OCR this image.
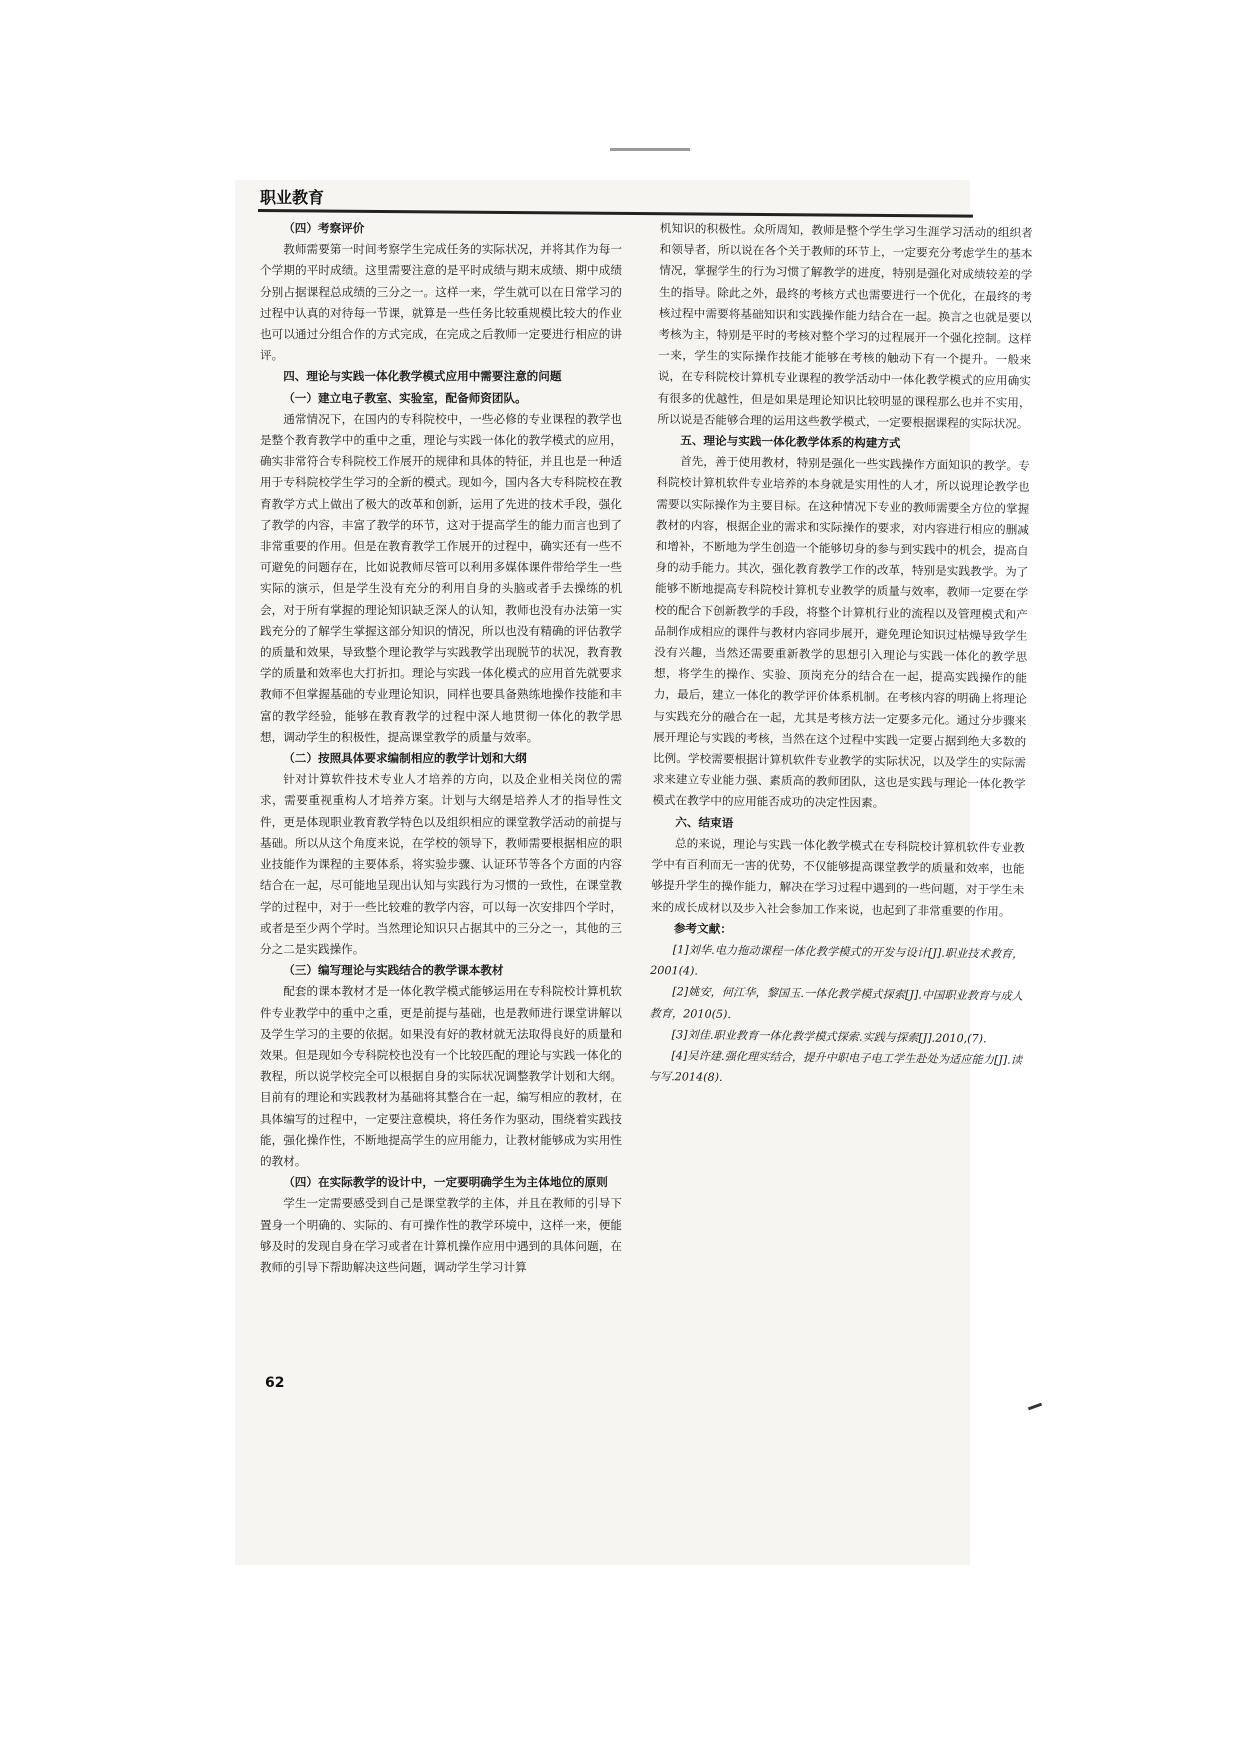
职业教育
（四）考察评价

教师需要第一时间考察学生完成任务的实际状况，并将其作为每一个学期的平时成绩。这里需要注意的是平时成绩与期末成绩、期中成绩分别占据课程总成绩的三分之一。这样一来，学生就可以在日常学习的过程中认真的对待每一节课，就算是一些任务比较重规模比较大的作业也可以通过分组合作的方式完成，在完成之后教师一定要进行相应的讲评。

四、理论与实践一体化教学模式应用中需要注意的问题
（一）建立电子教室、实验室，配备师资团队。

通常情况下，在国内的专科院校中，一些必修的专业课程的教学也是整个教育教学中的重中之重，理论与实践一体化的教学模式的应用，确实非常符合专科院校工作展开的规律和具体的特征，并且也是一种适用于专科院校学生学习的全新的模式。现如今，国内各大专科院校在教育教学方式上做出了极大的改革和创新，运用了先进的技术手段，强化了教学的内容，丰富了教学的环节，这对于提高学生的能力而言也到了非常重要的作用。但是在教育教学工作展开的过程中，确实还有一些不可避免的问题存在，比如说教师尽管可以利用多媒体课件带给学生一些实际的演示，但是学生没有充分的利用自身的头脑或者手去操练的机会，对于所有掌握的理论知识缺乏深人的认知，教师也没有办法第一实践充分的了解学生掌握这部分知识的情况，所以也没有精确的评估教学的质量和效果，导致整个理论教学与实践教学出现脱节的状况，教育教学的质量和效率也大打折扣。理论与实践一体化模式的应用首先就要求教师不但掌握基础的专业理论知识，同样也要具备熟练地操作技能和丰富的教学经验，能够在教育教学的过程中深人地贯彻一体化的教学思想，调动学生的积极性，提高课堂教学的质量与效率。

（二）按照具体要求编制相应的教学计划和大纲

针对计算软件技术专业人才培养的方向，以及企业相关岗位的需求，需要重视重构人才培养方案。计划与大纲是培养人才的指导性文件，更是体现职业教育教学特色以及组织相应的课堂教学活动的前提与基础。所以从这个角度来说，在学校的领导下，教师需要根据相应的职业技能作为课程的主要体系，将实验步骤、认证环节等各个方面的内容结合在一起，尽可能地呈现出认知与实践行为习惯的一致性，在课堂教学的过程中，对于一些比较难的教学内容，可以每一次安排四个学时，或者是至少两个学时。当然理论知识只占据其中的三分之一，其他的三分之二是实践操作。

（三）编写理论与实践结合的教学课本教材

配套的课本教材才是一体化教学模式能够运用在专科院校计算机软件专业教学中的重中之重，更是前提与基础，也是教师进行课堂讲解以及学生学习的主要的依据。如果没有好的教材就无法取得良好的质量和效果。但是现如今专科院校也没有一个比较匹配的理论与实践一体化的教程，所以说学校完全可以根据自身的实际状况调整教学计划和大纲。目前有的理论和实践教材为基础将其整合在一起，编写相应的教材，在具体编写的过程中，一定要注意模块，将任务作为驱动，围绕着实践技能，强化操作性，不断地提高学生的应用能力，让教材能够成为实用性的教材。

（四）在实际教学的设计中，一定要明确学生为主体地位的原则

学生一定需要感受到自己是课堂教学的主体，并且在教师的引导下置身一个明确的、实际的、有可操作性的教学环境中，这样一来，便能够及时的发现自身在学习或者在计算机操作应用中遇到的具体问题，在教师的引导下帮助解决这些问题，调动学生学习计算

机知识的积极性。众所周知，教师是整个学生学习生涯学习活动的组织者和领导者，所以说在各个关于教师的环节上，一定要充分考虑学生的基本情况，掌握学生的行为习惯了解教学的进度，特别是强化对成绩较差的学生的指导。除此之外，最终的考核方式也需要进行一个优化，在最终的考核过程中需要将基础知识和实践操作能力结合在一起。换言之也就是要以考核为主，特别是平时的考核对整个学习的过程展开一个强化控制。这样一来，学生的实际操作技能才能够在考核的触动下有一个提升。一般来说，在专科院校计算机专业课程的教学活动中一体化教学模式的应用确实有很多的优越性，但是如果是理论知识比较明显的课程那么也并不实用，所以说是否能够合理的运用这些教学模式，一定要根据课程的实际状况。

五、理论与实践一体化教学体系的构建方式

首先，善于使用教材，特别是强化一些实践操作方面知识的教学。专科院校计算机软件专业培养的本身就是实用性的人才，所以说理论教学也需要以实际操作为主要目标。在这种情况下专业的教师需要全方位的掌握教材的内容，根据企业的需求和实际操作的要求，对内容进行相应的删减和增补，不断地为学生创造一个能够切身的参与到实践中的机会，提高自身的动手能力。其次，强化教育教学工作的改革，特别是实践教学。为了能够不断地提高专科院校计算机专业教学的质量与效率，教师一定要在学校的配合下创新教学的手段，将整个计算机行业的流程以及管理模式和产品制作成相应的课件与教材内容同步展开，避免理论知识过枯燥导致学生没有兴趣，当然还需要重新教学的思想引入理论与实践一体化的教学思想，将学生的操作、实验、顶岗充分的结合在一起，提高实践操作的能力，最后，建立一体化的教学评价体系机制。在考核内容的明确上将理论与实践充分的融合在一起，尤其是考核方法一定要多元化。通过分步骤来展开理论与实践的考核，当然在这个过程中实践一定要占据到绝大多数的比例。学校需要根据计算机软件专业教学的实际状况，以及学生的实际需求来建立专业能力强、素质高的教师团队，这也是实践与理论一体化教学模式在教学中的应用能否成功的决定性因素。

六、结束语

总的来说，理论与实践一体化教学模式在专科院校计算机软件专业教学中有百利而无一害的优势，不仅能够提高课堂教学的质量和效率，也能够提升学生的操作能力，解决在学习过程中遇到的一些问题，对于学生未来的成长成材以及步入社会参加工作来说，也起到了非常重要的作用。

参考文献：

[1]刘华.电力拖动课程一体化教学模式的开发与设计[J].职业技术教育，2001(4).

[2]姚安，何江华，黎国玉.一体化教学模式探索[J].中国职业教育与成人教育，2010(5).

[3]刘佳.职业教育一体化教学模式探索.实践与探索[J].2010,(7).

[4]吴许建.强化理实结合，提升中职电子电工学生赴处为适应能力[J].读与写.2014(8).

62
